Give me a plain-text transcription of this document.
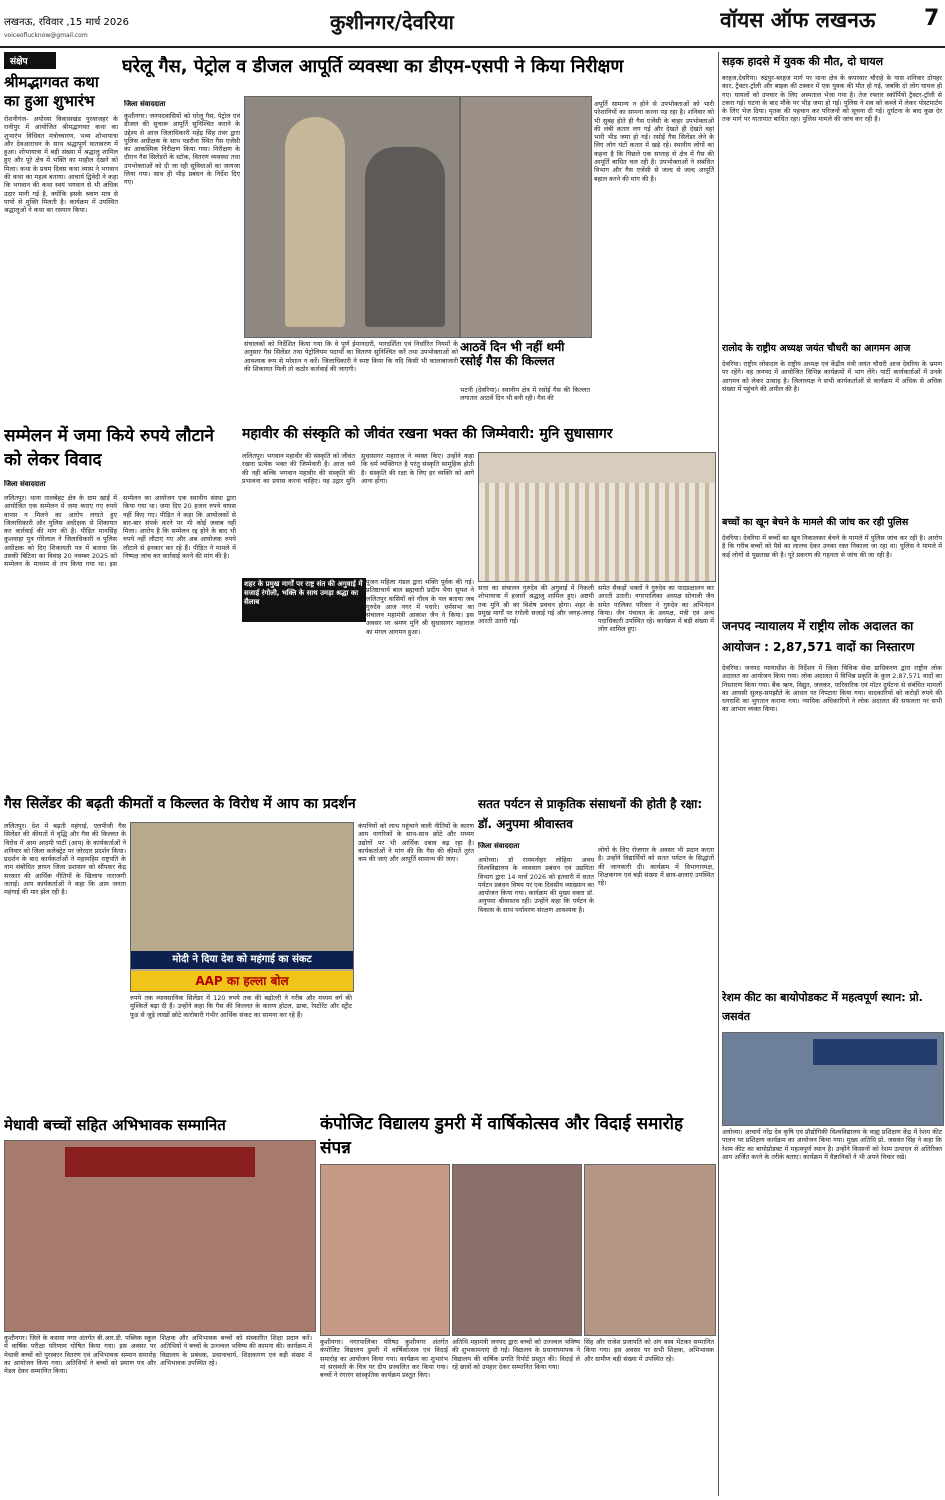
लखनऊ, रविवार ,15 मार्च 2026
voiceoflucknow@gmail.com
कुशीनगर/देवरिया	वॉयस ऑफ लखनऊ	7
संक्षेप
श्रीमद्भागवत कथा का हुआ शुभारंभ
रोशनीगंज- अयोध्या विकासखंड पुरवाजहर के रानीपुर में आयोजित श्रीमद्भागवत कथा का शुभारंभ विधिवत मंत्रोच्चारण, भव्य शोभायात्रा और देवआराधन के साथ श्रद्धापूर्ण वातावरण में हुआ। शोभायात्रा में बड़ी संख्या में श्रद्धालु शामिल हुए और पूरे क्षेत्र में भक्ति का माहौल देखने को मिला। कथा के प्रथम दिवस कथा व्यास ने भगवान की कथा का महत्व बताया। आचार्य द्विवेदी ने कहा कि भगवान की कथा स्वयं भगवान से भी अधिक उदार मानी गई है, क्योंकि इसके श्रवण मात्र से पापों से मुक्ति मिलती है। कार्यक्रम में उपस्थित श्रद्धालुओं ने कथा का रसपान किया।
घरेलू गैस, पेट्रोल व डीजल आपूर्ति व्यवस्था का डीएम-एसपी ने किया निरीक्षण
जिला संवाददाता
कुशीनगर। जनपदवासियों को घरेलू गैस, पेट्रोल एवं डीजल की सुचारू आपूर्ति सुनिश्चित कराने के उद्देश्य से आज जिलाधिकारी महेंद्र सिंह तंवर द्वारा पुलिस अधीक्षक के साथ पडरौना स्थित गैस एजेंसी का आकस्मिक निरीक्षण किया गया। निरीक्षण के दौरान गैस सिलेंडरों के स्टॉक, वितरण व्यवस्था तथा उपभोक्ताओं को दी जा रही सुविधाओं का जायजा लिया गया। साथ ही भीड़ प्रबंधन के निर्देश दिए गए।
संचालकों को निर्देशित किया गया कि वे पूर्ण ईमानदारी, पारदर्शिता एवं निर्धारित नियमों के अनुसार गैस सिलेंडर तथा पेट्रोलियम पदार्थों का वितरण सुनिश्चित करें तथा उपभोक्ताओं को आवश्यक रूप से परेशान न करें। जिलाधिकारी ने स्पष्ट किया कि यदि किसी भी कालाबाजारी की शिकायत मिली तो कठोर कार्रवाई की जाएगी।
अपूर्ति सामान्य न होने से उपभोक्ताओं को भारी परेशानियों का सामना करना पड़ रहा है। शनिवार को भी सुबह होते ही गैस एजेंसी के बाहर उपभोक्ताओं की लंबी कतार लग गई और देखते ही देखते वहां भारी भीड़ जमा हो गई। रसोई गैस सिलेंडर लेने के लिए लोग घंटों कतार में खड़े रहे। स्थानीय लोगों का कहना है कि पिछले एक सप्ताह से क्षेत्र में गैस की आपूर्ति बाधित चल रही है। उपभोक्ताओं ने संबंधित विभाग और गैस एजेंसी से जल्द से जल्द आपूर्ति बहाल करने की मांग की है।
आठवें दिन भी नहीं थमी रसोई गैस की किल्लत
भटनी (देवरिया)। स्थानीय क्षेत्र में रसोई गैस की किल्लत लगातार आठवें दिन भी बनी रही। गैस की
सम्मेलन में जमा किये रुपये लौटाने को लेकर विवाद
जिला संवाददाता
ललितपुर। थाना तालबेहट क्षेत्र के ग्राम खाईं में आयोजित एक सम्मेलन में जमा कराए गए रुपये वापस न मिलने का आरोप लगाते हुए जिलाधिकारी और पुलिस अधीक्षक से शिकायत कर कार्रवाई की मांग की है। पीड़ित मानसिंह कुशवाहा पुत्र गोरेलाल ने जिलाधिकारी व पुलिस अधीक्षक को दिए शिकायती पत्र में बताया कि उसकी बिटिया का विवाह 20 नवम्बर 2025 को सम्मेलन के माध्यम से तय किया गया था। इस सम्मेलन का आयोजन एक स्थानीय संस्था द्वारा किया गया था। जमा दिए 20 हजार रुपये वापस नहीं किए गए। पीड़ित ने कहा कि आयोजकों से बार-बार संपर्क करने पर भी कोई जवाब नहीं मिला। आरोप है कि सम्मेलन रद्द होने के बाद भी रुपये नहीं लौटाए गए और अब आयोजक रुपये लौटाने से इनकार कर रहे हैं। पीड़ित ने मामले में निष्पक्ष जांच कर कार्रवाई करने की मांग की है।
महावीर की संस्कृति को जीवंत रखना भक्त की जिम्मेवारी: मुनि सुधासागर
ललितपुर। भगवान महावीर की संस्कृति को जीवंत रखना प्रत्येक भक्त की जिम्मेवारी है। आज धर्म की नहीं बल्कि भगवान महावीर की संस्कृति की प्रभावना का प्रयास करना चाहिए। यह उद्गार मुनि सुधासागर महाराज ने व्यक्त किए। उन्होंने कहा कि धर्म व्यक्तिगत है परंतु संस्कृति सामूहिक होती है। संस्कृति की रक्षा के लिए हर व्यक्ति को आगे आना होगा।
शहर के प्रमुख मार्गों पर राष्ट्र संत की अगुवाई में सजाई रंगोली, भक्ति के साथ उमड़ा श्रद्धा का सैलाब
पूजन महिला मंडल द्वारा भक्ति पूर्वक की गई। प्रतिष्ठाचार्य बाल ब्रह्मचारी प्रदीप भैया सुयश ने ललितपुर वासियों को गौरव के पल बताया जब गुरुदेव आज नगर में पधारे। धर्मसभा का संचालन महामंत्री आकाश जैन ने किया। इस अवसर पर श्रमण मुनि श्री सुधासागर महाराज का मंगल आगमन हुआ।
सत्ता का संचालन गुरुदेव की अगुवाई में निकली शोभायात्रा में हजारों श्रद्धालु शामिल हुए। अष्टमी तक मुनि श्री का विशेष प्रवचन होगा। शहर के प्रमुख मार्गों पर रंगोली सजाई गई और जगह-जगह आरती उतारी गई।
समेत सैकड़ों भक्तों ने गुरुदेव का पादप्रक्षालन कर आरती उतारी। नगरपालिका अध्यक्ष सोनाली जैन समेत पालिका परिवार ने गुरुदेव का अभिनंदन किया। जैन पंचायत के अध्यक्ष, मंत्री एवं अन्य पदाधिकारी उपस्थित रहे। कार्यक्रम में बड़ी संख्या में लोग शामिल हुए।
गैस सिलेंडर की बढ़ती कीमतों व किल्लत के विरोध में आप का प्रदर्शन
ललितपुर। देश में बढ़ती महंगाई, एलपीजी गैस सिलेंडर की कीमतों में वृद्धि और गैस की किल्लत के विरोध में आम आदमी पार्टी (आप) के कार्यकर्ताओं ने शनिवार को जिला कलेक्ट्रेट पर जोरदार प्रदर्शन किया। प्रदर्शन के बाद कार्यकर्ताओं ने महामहिम राष्ट्रपति के नाम संबोधित ज्ञापन जिला प्रशासन को सौंपकर केंद्र सरकार की आर्थिक नीतियों के खिलाफ नाराजगी जताई। आप कार्यकर्ताओं ने कहा कि आम जनता महंगाई की मार झेल रही है।
मोदी ने दिया देश को महंगाई का संकट
AAP का हल्ला बोल
रुपये तक व्यावसायिक सिलेंडर में 120 रुपये तक की बढ़ोतरी ने गरीब और मध्यम वर्ग की मुश्किलें बढ़ा दी हैं। उन्होंने कहा कि गैस की किल्लत के कारण होटल, ढाबा, रेस्टोरेंट और स्ट्रीट फूड से जुड़े लाखों छोटे कारोबारी गंभीर आर्थिक संकट का सामना कर रहे हैं।
कंपनियों को लाभ पहुंचाने वाली नीतियों के कारण आम नागरिकों के साथ-साथ छोटे और मध्यम उद्योगों पर भी आर्थिक दबाव बढ़ रहा है। कार्यकर्ताओं ने मांग की कि गैस की कीमतें तुरंत कम की जाएं और आपूर्ति सामान्य की जाए।
सतत पर्यटन से प्राकृतिक संसाधनों की होती है रक्षा: डॉ. अनुपमा श्रीवास्तव
जिला संवाददाता
अयोध्या। डॉ राममनोहर लोहिया अवध विश्वविद्यालय के व्यवसाय प्रबंधन एवं उद्यमिता विभाग द्वारा 14 मार्च 2026 को इतवारी में सतत पर्यटन प्रबंधन विषय पर एक दिवसीय व्याख्यान का आयोजन किया गया। कार्यक्रम की मुख्य वक्ता डॉ. अनुपमा श्रीवास्तव रहीं। उन्होंने कहा कि पर्यटन के विकास के साथ पर्यावरण संरक्षण आवश्यक है।
लोगों के लिए रोजगार के अवसर भी प्रदान करता है। उन्होंने विद्यार्थियों को सतत पर्यटन के सिद्धांतों की जानकारी दी। कार्यक्रम में विभागाध्यक्ष, शिक्षकगण एवं बड़ी संख्या में छात्र-छात्राएं उपस्थित रहे।
मेधावी बच्चों सहित अभिभावक सम्मानित
कुशीनगर। जिले के कसया नगर अंतर्गत बी.आर.डी. पब्लिक स्कूल में वार्षिक परीक्षा परिणाम घोषित किया गया। इस अवसर पर मेधावी बच्चों को पुरस्कार वितरण एवं अभिभावक सम्मान समारोह का आयोजन किया गया। अतिथियों ने बच्चों को प्रमाण पत्र और मेडल देकर सम्मानित किया।
शिक्षक और अभिभावक बच्चों को संस्कारित शिक्षा प्रदान करें। अतिथियों ने बच्चों के उज्ज्वल भविष्य की कामना की। कार्यक्रम में विद्यालय के प्रबंधक, प्रधानाचार्य, शिक्षकगण एवं बड़ी संख्या में अभिभावक उपस्थित रहे।
कंपोजिट विद्यालय डुमरी में वार्षिकोत्सव और विदाई समारोह संपन्न
कुशीनगर। नगरपालिका परिषद कुशीनगर अंतर्गत कंपोजिट विद्यालय डुमरी में वार्षिकोत्सव एवं विदाई समारोह का आयोजन किया गया। कार्यक्रम का शुभारंभ मां सरस्वती के चित्र पर दीप प्रज्वलित कर किया गया। बच्चों ने रंगारंग सांस्कृतिक कार्यक्रम प्रस्तुत किए।
अतिथि महामंत्री जनपद द्वारा बच्चों को उज्ज्वल भविष्य की शुभकामनाएं दी गईं। विद्यालय के प्रधानाध्यापक ने विद्यालय की वार्षिक प्रगति रिपोर्ट प्रस्तुत की। विदाई ले रहे छात्रों को उपहार देकर सम्मानित किया गया।
सिंह और राजेश प्रजापति को अंग वस्त्र भेंटकर सम्मानित किया गया। इस अवसर पर सभी शिक्षक, अभिभावक और ग्रामीण बड़ी संख्या में उपस्थित रहे।
सड़क हादसे में युवक की मौत, दो घायल
बरहज,देवरिया। रुद्रपुर-बरहज मार्ग पर थाना क्षेत्र के कपरवार चौराहे के पास शनिवार दोपहर कार, ट्रैक्टर-ट्रॉली और बाइक की टक्कर में एक युवक की मौत हो गई, जबकि दो लोग घायल हो गए। घायलों को उपचार के लिए अस्पताल भेजा गया है। तेज रफ्तार स्कॉर्पियो ट्रैक्टर-ट्रॉली से टकरा गई। घटना के बाद मौके पर भीड़ जमा हो गई। पुलिस ने शव को कब्जे में लेकर पोस्टमार्टम के लिए भेज दिया। मृतक की पहचान कर परिजनों को सूचना दी गई। दुर्घटना के बाद कुछ देर तक मार्ग पर यातायात बाधित रहा। पुलिस मामले की जांच कर रही है।
रालोद के राष्ट्रीय अध्यक्ष जयंत चौधरी का आगमन आज
देवरिया। राष्ट्रीय लोकदल के राष्ट्रीय अध्यक्ष एवं केंद्रीय मंत्री जयंत चौधरी आज देवरिया के भ्रमण पर रहेंगे। वह जनपद में आयोजित विभिन्न कार्यक्रमों में भाग लेंगे। पार्टी कार्यकर्ताओं में उनके आगमन को लेकर उत्साह है। जिलाध्यक्ष ने सभी कार्यकर्ताओं से कार्यक्रम में अधिक से अधिक संख्या में पहुंचने की अपील की है।
बच्चों का खून बेचने के मामले की जांच कर रही पुलिस
देवरिया। देवरिया में बच्चों का खून निकालकर बेचने के मामले में पुलिस जांच कर रही है। आरोप है कि गरीब बच्चों को पैसे का लालच देकर उनका रक्त निकाला जा रहा था। पुलिस ने मामले में कई लोगों से पूछताछ की है। पूरे प्रकरण की गहनता से जांच की जा रही है।
जनपद न्यायालय में राष्ट्रीय लोक अदालत का आयोजन : 2,87,571 वादों का निस्तारण
देवरिया। जनपद न्यायाधीश के निर्देशन में जिला विधिक सेवा प्राधिकरण द्वारा राष्ट्रीय लोक अदालत का आयोजन किया गया। लोक अदालत में विभिन्न प्रकृति के कुल 2,87,571 वादों का निस्तारण किया गया। बैंक ऋण, विद्युत, जलकर, पारिवारिक एवं मोटर दुर्घटना से संबंधित मामलों का आपसी सुलह-समझौते के आधार पर निपटारा किया गया। वादकारियों को करोड़ों रुपये की धनराशि का भुगतान कराया गया। न्यायिक अधिकारियों ने लोक अदालत की सफलता पर सभी का आभार व्यक्त किया।
रेशम कीट का बायोपोडकट में महत्वपूर्ण स्थान: प्रो. जसवंत
अयोध्या। आचार्य नरेंद्र देव कृषि एवं प्रौद्योगिकी विश्वविद्यालय के वाह्य प्रशिक्षण केंद्र में रेशम कीट पालन पर प्रशिक्षण कार्यक्रम का आयोजन किया गया। मुख्य अतिथि प्रो. जसवंत सिंह ने कहा कि रेशम कीट का बायोप्रोडक्ट में महत्वपूर्ण स्थान है। उन्होंने किसानों को रेशम उत्पादन से अतिरिक्त आय अर्जित करने के तरीके बताए। कार्यक्रम में वैज्ञानिकों ने भी अपने विचार रखे।
